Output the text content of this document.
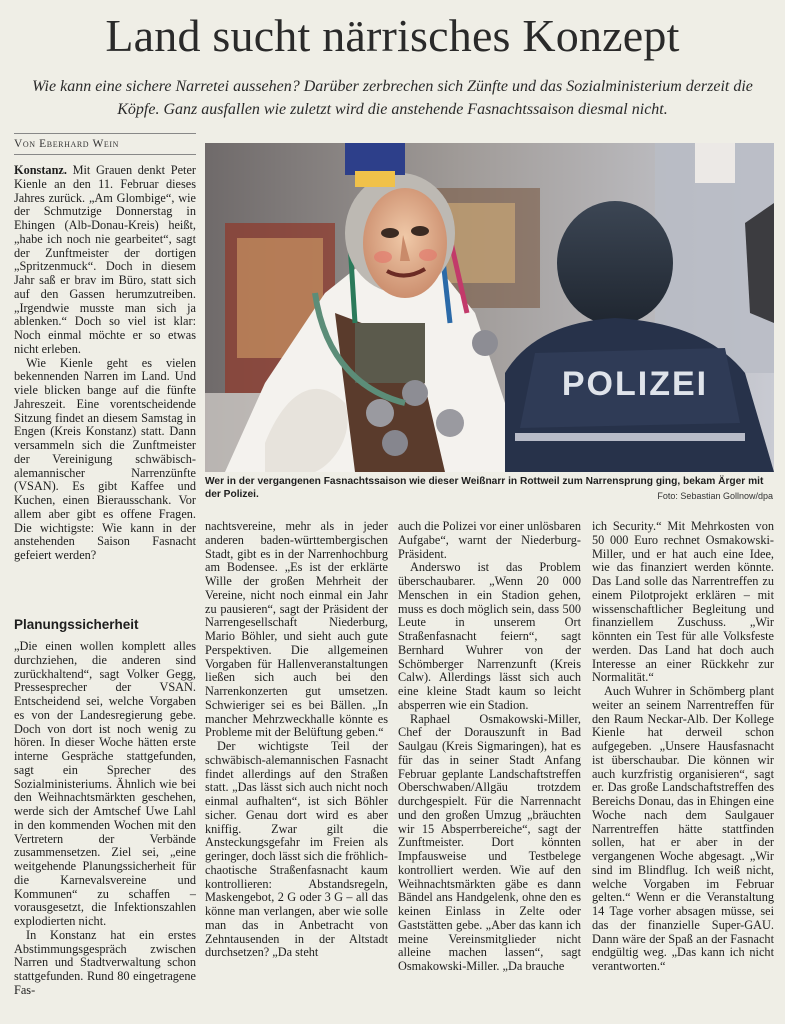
Land sucht närrisches Konzept
Wie kann eine sichere Narretei aussehen? Darüber zerbrechen sich Zünfte und das Sozialministerium derzeit die Köpfe. Ganz ausfallen wie zuletzt wird die anstehende Fasnachtssaison diesmal nicht.
Von Eberhard Wein
POLIZEI
Wer in der vergangenen Fasnachtssaison wie dieser Weißnarr in Rottweil zum Narrensprung ging, bekam Ärger mit der Polizei.	Foto: Sebastian Gollnow/dpa

Konstanz. Mit Grauen denkt Peter Kienle an den 11. Februar dieses Jahres zurück. „Am Glombige“, wie der Schmutzige Donnerstag in Ehingen (Alb-Donau-Kreis) heißt, „habe ich noch nie gearbeitet“, sagt der Zunftmeister der dortigen „Spritzenmuck“. Doch in diesem Jahr saß er brav im Büro, statt sich auf den Gassen herumzutreiben. „Irgendwie musste man sich ja ablenken.“ Doch so viel ist klar: Noch einmal möchte er so etwas nicht erleben.

Wie Kienle geht es vielen bekennenden Narren im Land. Und viele blicken bange auf die fünfte Jahreszeit. Eine vorentscheidende Sitzung findet an diesem Samstag in Engen (Kreis Konstanz) statt. Dann versammeln sich die Zunftmeister der Vereinigung schwäbisch-alemannischer Narrenzünfte (VSAN). Es gibt Kaffee und Kuchen, einen Bierausschank. Vor allem aber gibt es offene Fragen. Die wichtigste: Wie kann in der anstehenden Saison Fasnacht gefeiert werden?

Planungssicherheit

„Die einen wollen komplett alles durchziehen, die anderen sind zurückhaltend“, sagt Volker Gegg, Pressesprecher der VSAN. Entscheidend sei, welche Vorgaben es von der Landesregierung gebe. Doch von dort ist noch wenig zu hören. In dieser Woche hätten erste interne Gespräche stattgefunden, sagt ein Sprecher des Sozialministeriums. Ähnlich wie bei den Weihnachtsmärkten geschehen, werde sich der Amtschef Uwe Lahl in den kommenden Wochen mit den Vertretern der Verbände zusammensetzen. Ziel sei, „eine weitgehende Planungssicherheit für die Karnevalsvereine und Kommunen“ zu schaffen – vorausgesetzt, die Infektionszahlen explodierten nicht.

In Konstanz hat ein erstes Abstimmungsgespräch zwischen Narren und Stadtverwaltung schon stattgefunden. Rund 80 eingetragene Fas-

nachtsvereine, mehr als in jeder anderen baden-württembergischen Stadt, gibt es in der Narrenhochburg am Bodensee. „Es ist der erklärte Wille der großen Mehrheit der Vereine, nicht noch einmal ein Jahr zu pausieren“, sagt der Präsident der Narrengesellschaft Niederburg, Mario Böhler, und sieht auch gute Perspektiven. Die allgemeinen Vorgaben für Hallenveranstaltungen ließen sich auch bei den Narrenkonzerten gut umsetzen. Schwieriger sei es bei Bällen. „In mancher Mehrzweckhalle könnte es Probleme mit der Belüftung geben.“

Der wichtigste Teil der schwäbisch-alemannischen Fasnacht findet allerdings auf den Straßen statt. „Das lässt sich auch nicht noch einmal aufhalten“, ist sich Böhler sicher. Genau dort wird es aber kniffig. Zwar gilt die Ansteckungsgefahr im Freien als geringer, doch lässt sich die fröhlich-chaotische Straßenfasnacht kaum kontrollieren: Abstandsregeln, Maskengebot, 2 G oder 3 G – all das könne man verlangen, aber wie solle man das in Anbetracht von Zehntausenden in der Altstadt durchsetzen? „Da steht

auch die Polizei vor einer unlösbaren Aufgabe“, warnt der Niederburg-Präsident.

Anderswo ist das Problem überschaubarer. „Wenn 20 000 Menschen in ein Stadion gehen, muss es doch möglich sein, dass 500 Leute in unserem Ort Straßenfasnacht feiern“, sagt Bernhard Wuhrer von der Schömberger Narrenzunft (Kreis Calw). Allerdings lässt sich auch eine kleine Stadt kaum so leicht absperren wie ein Stadion.

Raphael Osmakowski-Miller, Chef der Dorauszunft in Bad Saulgau (Kreis Sigmaringen), hat es für das in seiner Stadt Anfang Februar geplante Landschaftstreffen Oberschwaben/Allgäu trotzdem durchgespielt. Für die Narrennacht und den großen Umzug „bräuchten wir 15 Absperrbereiche“, sagt der Zunftmeister. Dort könnten Impfausweise und Testbelege kontrolliert werden. Wie auf den Weihnachtsmärkten gäbe es dann Bändel ans Handgelenk, ohne den es keinen Einlass in Zelte oder Gaststätten gebe. „Aber das kann ich meine Vereinsmitglieder nicht alleine machen lassen“, sagt Osmakowski-Miller. „Da brauche

ich Security.“ Mit Mehrkosten von 50 000 Euro rechnet Osmakowski-Miller, und er hat auch eine Idee, wie das finanziert werden könnte. Das Land solle das Narrentreffen zu einem Pilotprojekt erklären – mit wissenschaftlicher Begleitung und finanziellem Zuschuss. „Wir könnten ein Test für alle Volksfeste werden. Das Land hat doch auch Interesse an einer Rückkehr zur Normalität.“

Auch Wuhrer in Schömberg plant weiter an seinem Narrentreffen für den Raum Neckar-Alb. Der Kollege Kienle hat derweil schon aufgegeben. „Unsere Hausfasnacht ist überschaubar. Die können wir auch kurzfristig organisieren“, sagt er. Das große Landschaftstreffen des Bereichs Donau, das in Ehingen eine Woche nach dem Saulgauer Narrentreffen hätte stattfinden sollen, hat er aber in der vergangenen Woche abgesagt. „Wir sind im Blindflug. Ich weiß nicht, welche Vorgaben im Februar gelten.“ Wenn er die Veranstaltung 14 Tage vorher absagen müsse, sei das der finanzielle Super-GAU. Dann wäre der Spaß an der Fasnacht endgültig weg. „Das kann ich nicht verantworten.“
